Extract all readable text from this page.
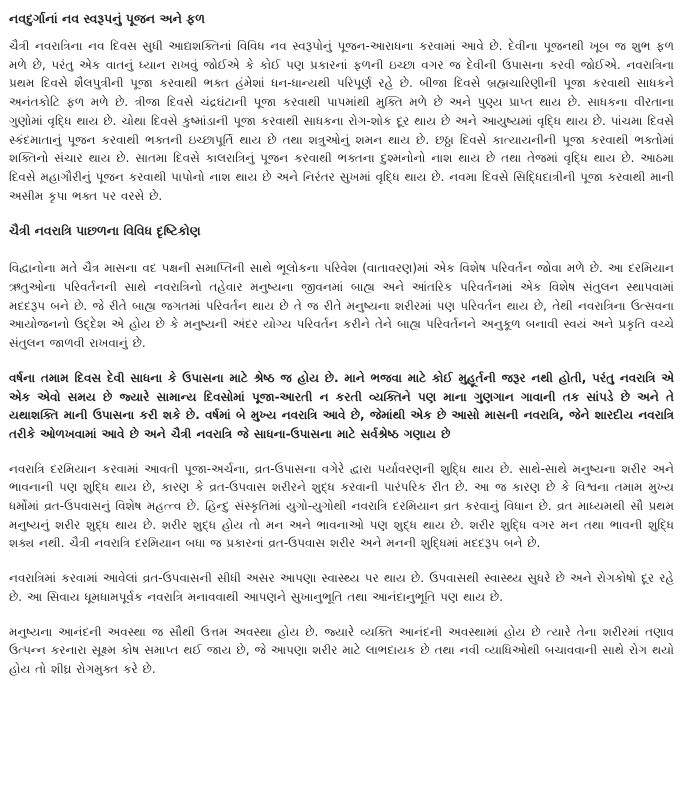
નવદુર્ગાનાં નવ સ્વરૂપનું પૂજન અને ફળ

ચૈત્રી નવરાત્રિના નવ દિવસ સુધી આદ્યશક્તિનાં વિવિધ નવ સ્વરૂપોનું પૂજન-આરાધના કરવામાં આવે છે. દેવીના પૂજનથી ખૂબ જ શુભ ફળ મળે છે, પરંતુ એક વાતનું ધ્યાન રાખવું જોઈએ કે કોઈ પણ પ્રકારનાં ફળની ઇચ્છા વગર જ દેવીની ઉપાસના કરવી જોઈએ. નવરાત્રિના પ્રથમ દિવસે શૈલપુત્રીની પૂજા કરવાથી ભક્ત હંમેશાં ધન-ધાન્યથી પરિપૂર્ણ રહે છે. બીજા દિવસે બ્રહ્મચારિણીની પૂજા કરવાથી સાધકને અનંતકોટિ ફળ મળે છે. ત્રીજા દિવસે ચંદ્રઘંટાની પૂજા કરવાથી પાપમાંથી મુક્તિ મળે છે અને પુણ્ય પ્રાપ્ત થાય છે. સાધકના વીરતાના ગુણોમાં વૃદ્ધિ થાય છે. ચોથા દિવસે કુષ્માંડાની પૂજા કરવાથી સાધકના રોગ-શોક દૂર થાય છે અને આયુષ્યમાં વૃદ્ધિ થાય છે. પાંચમા દિવસે સ્કંદમાતાનું પૂજન કરવાથી ભક્તની ઇચ્છાપૂર્તિ થાય છે તથા શત્રુઓનું શમન થાય છે. છઠ્ઠા દિવસે કાત્યાયનીની પૂજા કરવાથી ભક્તોમાં શક્તિનો સંચાર થાય છે. સાતમા દિવસે કાલરાત્રિનું પૂજન કરવાથી ભક્તના દુશ્મનોનો નાશ થાય છે તથા તેજમાં વૃદ્ધિ થાય છે. આઠમા દિવસે મહાગૌરીનું પૂજન કરવાથી પાપોનો નાશ થાય છે અને નિરંતર સુખમાં વૃદ્ધિ થાય છે. નવમા દિવસે સિદ્ધિદાત્રીની પૂજા કરવાથી માની અસીમ કૃપા ભક્ત પર વરસે છે.

ચૈત્રી નવરાત્રિ પાછળના વિવિધ દૃષ્ટિકોણ

વિદ્વાનોના મતે ચૈત્ર માસના વદ પક્ષની સમાપ્તિની સાથે ભૂલોકના પરિવેશ (વાતાવરણ)માં એક વિશેષ પરિવર્તન જોવા મળે છે. આ દરમિયાન ઋતુઓના પરિવર્તનની સાથે નવરાત્રિનો તહેવાર મનુષ્યના જીવનમાં બાહ્ય અને આંતરિક પરિવર્તનમાં એક વિશેષ સંતુલન સ્થાપવામાં મદદરૂપ બને છે. જે રીતે બાહ્ય જગતમાં પરિવર્તન થાય છે તે જ રીતે મનુષ્યના શરીરમાં પણ પરિવર્તન થાય છે, તેથી નવરાત્રિના ઉત્સવના આયોજનનો ઉદ્દેશ એ હોય છે કે મનુષ્યની અંદર યોગ્ય પરિવર્તન કરીને તેને બાહ્ય પરિવર્તનને અનુકૂળ બનાવી સ્વયં અને પ્રકૃતિ વચ્ચે સંતુલન જાળવી રાખવાનું છે.

વર્ષના તમામ દિવસ દેવી સાધના કે ઉપાસના માટે શ્રેષ્ઠ જ હોય છે. માને ભજવા માટે કોઈ મુહૂર્તની જરૂર નથી હોતી, પરંતુ નવરાત્રિ એ એક એવો સમય છે જ્યારે સામાન્ય દિવસોમાં પૂજા-આરતી ન કરતી વ્યક્તિને પણ માના ગુણગાન ગાવાની તક સાંપડે છે અને તે યથાશક્તિ માની ઉપાસના કરી શકે છે. વર્ષમાં બે મુખ્ય નવરાત્રિ આવે છે, જેમાંથી એક છે આસો માસની નવરાત્રિ, જેને શારદીય નવરાત્રિ તરીકે ઓળખવામાં આવે છે અને ચૈત્રી નવરાત્રિ જે સાધના-ઉપાસના માટે સર્વશ્રેષ્ઠ ગણાય છે

નવરાત્રિ દરમિયાન કરવામાં આવતી પૂજા-અર્ચના, વ્રત-ઉપાસના વગેરે દ્વારા પર્યાવરણની શુદ્ધિ થાય છે. સાથે-સાથે મનુષ્યના શરીર અને ભાવનાની પણ શુદ્ધિ થાય છે, કારણ કે વ્રત-ઉપવાસ શરીરને શુદ્ધ કરવાની પારંપરિક રીત છે. આ જ કારણ છે કે વિશ્વના તમામ મુખ્ય ધર્મોમાં વ્રત-ઉપવાસનું વિશેષ મહત્ત્વ છે. હિન્દુ સંસ્કૃતિમાં યુગો-યુગોથી નવરાત્રિ દરમિયાન વ્રત કરવાનું વિધાન છે. વ્રત માધ્યમથી સૌ પ્રથમ મનુષ્યનું શરીર શુદ્ધ થાય છે. શરીર શુદ્ધ હોય તો મન અને ભાવનાઓ પણ શુદ્ધ થાય છે. શરીર શુદ્ધિ વગર મન તથા ભાવની શુદ્ધિ શક્ય નથી. ચૈત્રી નવરાત્રિ દરમિયાન બધા જ પ્રકારનાં વ્રત-ઉપવાસ શરીર અને મનની શુદ્ધિમાં મદદરૂપ બને છે.

નવરાત્રિમાં કરવામાં આવેલાં વ્રત-ઉપવાસની સીધી અસર આપણા સ્વાસ્થ્ય પર થાય છે. ઉપવાસથી સ્વાસ્થ્ય સુધરે છે અને રોગકોષો દૂર રહે છે. આ સિવાય ધૂમધામપૂર્વક નવરાત્રિ મનાવવાથી આપણને સુખાનુભૂતિ તથા આનંદાનુભૂતિ પણ થાય છે.

મનુષ્યના આનંદની અવસ્થા જ સૌથી ઉત્તમ અવસ્થા હોય છે. જ્યારે વ્યક્તિ આનંદની અવસ્થામાં હોય છે ત્યારે તેના શરીરમાં તણાવ ઉત્પન્ન કરનારા સૂક્ષ્મ કોષ સમાપ્ત થઈ જાય છે, જે આપણા શરીર માટે લાભદાયક છે તથા નવી વ્યાધિઓથી બચાવવાની સાથે રોગ થયો હોય તો શીઘ્ર રોગમુક્ત કરે છે.
